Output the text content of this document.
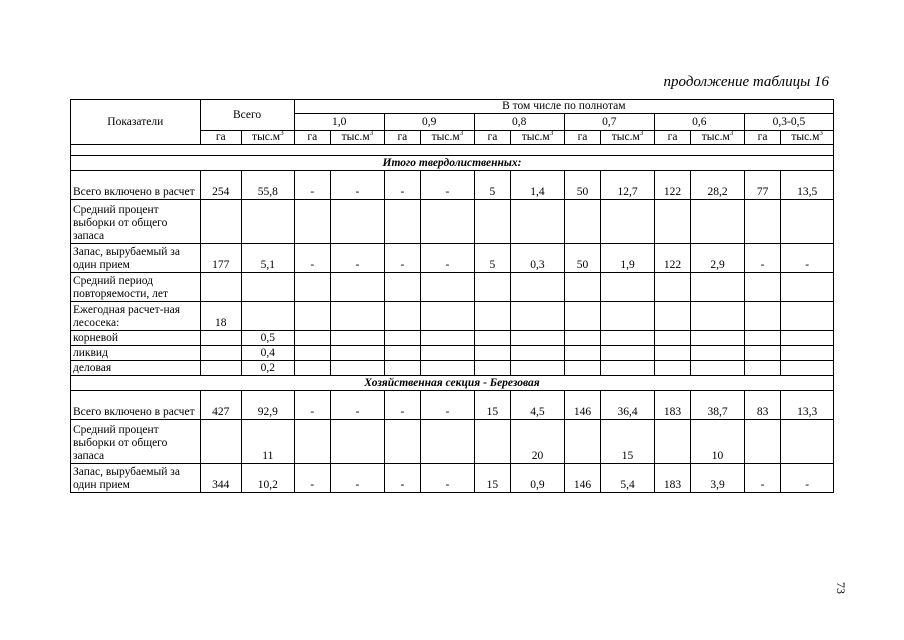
продолжение таблицы 16
Показатели	Всего		В том числе по полнотам											
			1,0		0,9		0,8		0,7		0,6		0,3-0,5	
	га	$тыс.м^3$	га	$тыс.м^3$	га	$тыс.м^3$	га	$тыс.м^3$	га	$тыс.м^3$	га	$тыс.м^3$	га	$тыс.м^3$

Итого твердолиственных:														
Всего включено в расчет	254	55,8	-	-	-	-	5	1,4	50	12,7	122	28,2	77	13,5
Средний процент выборки от общего запаса														
Запас, вырубаемый за один прием	177	5,1	-	-	-	-	5	0,3	50	1,9	122	2,9	-	-
Средний период повторяемости, лет														
Ежегодная расчет-ная лесосека:	18													
корневой		0,5												
ликвид		0,4												
деловая		0,2												
Хозяйственная секция - Березовая														
Всего включено в расчет	427	92,9	-	-	-	-	15	4,5	146	36,4	183	38,7	83	13,3
Средний процент выборки от общего запаса		11						20		15		10		
Запас, вырубаемый за один прием	344	10,2	-	-	-	-	15	0,9	146	5,4	183	3,9	-	-
73
